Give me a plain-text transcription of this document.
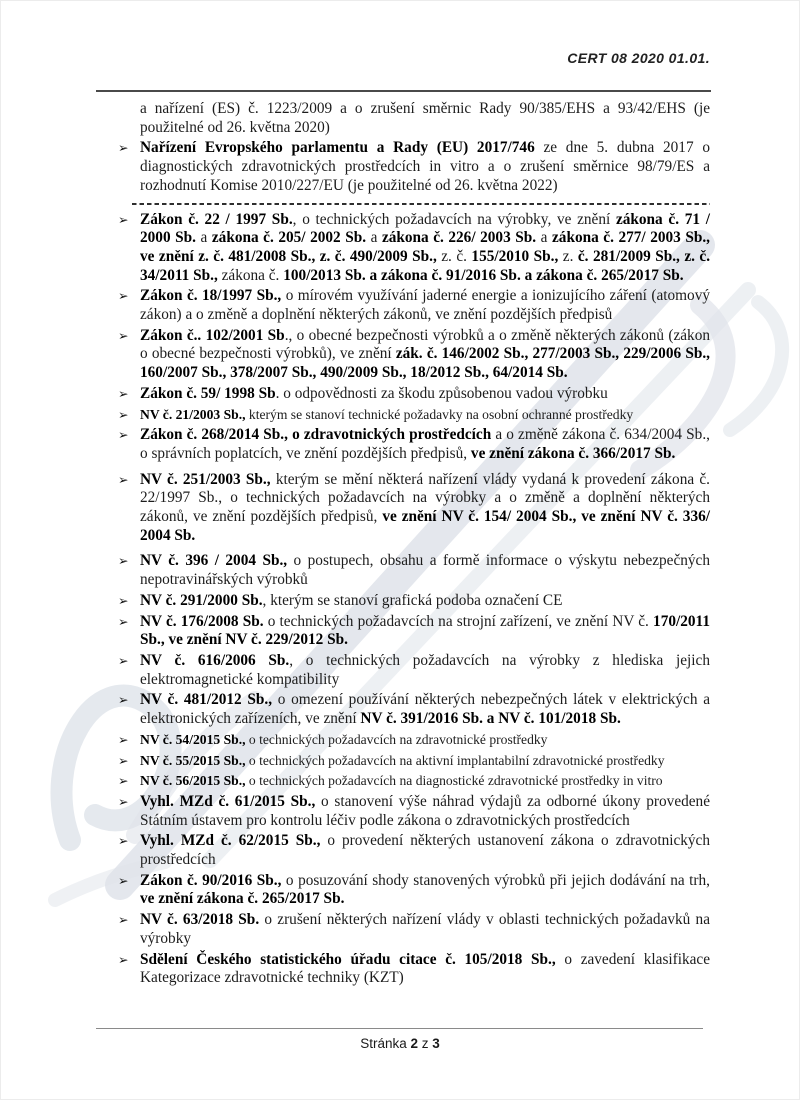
CERT 08 2020 01.01.
a nařízení (ES) č. 1223/2009 a o zrušení směrnic Rady 90/385/EHS a 93/42/EHS (je použitelné od 26. května 2020)
➢ Nařízení Evropského parlamentu a Rady (EU) 2017/746 ze dne 5. dubna 2017 o diagnostických zdravotnických prostředcích in vitro a o zrušení směrnice 98/79/ES a rozhodnutí Komise 2010/227/EU (je použitelné od 26. května 2022)
➢ Zákon č. 22 / 1997 Sb., o technických požadavcích na výrobky, ve znění zákona č. 71 / 2000 Sb. a zákona č. 205/ 2002 Sb. a zákona č. 226/ 2003 Sb. a zákona č. 277/ 2003 Sb., ve znění z. č. 481/2008 Sb., z. č. 490/2009 Sb., z. č. 155/2010 Sb., z. č. 281/2009 Sb., z. č. 34/2011 Sb., zákona č. 100/2013 Sb. a zákona č. 91/2016 Sb. a zákona č. 265/2017 Sb.
➢ Zákon č. 18/1997 Sb., o mírovém využívání jaderné energie a ionizujícího záření (atomový zákon) a o změně a doplnění některých zákonů, ve znění pozdějších předpisů
➢ Zákon č.. 102/2001 Sb., o obecné bezpečnosti výrobků a o změně některých zákonů (zákon o obecné bezpečnosti výrobků), ve znění zák. č. 146/2002 Sb., 277/2003 Sb., 229/2006 Sb., 160/2007 Sb., 378/2007 Sb., 490/2009 Sb., 18/2012 Sb., 64/2014 Sb.
➢ Zákon č. 59/ 1998 Sb. o odpovědnosti za škodu způsobenou vadou výrobku
➢ NV č. 21/2003 Sb., kterým se stanoví technické požadavky na osobní ochranné prostředky
➢ Zákon č. 268/2014 Sb., o zdravotnických prostředcích a o změně zákona č. 634/2004 Sb., o správních poplatcích, ve znění pozdějších předpisů, ve znění zákona č. 366/2017 Sb.
➢ NV č. 251/2003 Sb., kterým se mění některá nařízení vlády vydaná k provedení zákona č. 22/1997 Sb., o technických požadavcích na výrobky a o změně a doplnění některých zákonů, ve znění pozdějších předpisů, ve znění NV č. 154/ 2004 Sb., ve znění NV č. 336/ 2004 Sb.
➢ NV č. 396 / 2004 Sb., o postupech, obsahu a formě informace o výskytu nebezpečných nepotravinářských výrobků
➢ NV č. 291/2000 Sb., kterým se stanoví grafická podoba označení CE
➢ NV č. 176/2008 Sb. o technických požadavcích na strojní zařízení, ve znění NV č. 170/2011 Sb., ve znění NV č. 229/2012 Sb.
➢ NV č. 616/2006 Sb., o technických požadavcích na výrobky z hlediska jejich elektromagnetické kompatibility
➢ NV č. 481/2012 Sb., o omezení používání některých nebezpečných látek v elektrických a elektronických zařízeních, ve znění NV č. 391/2016 Sb. a NV č. 101/2018 Sb.
➢ NV č. 54/2015 Sb., o technických požadavcích na zdravotnické prostředky
➢ NV č. 55/2015 Sb., o technických požadavcích na aktivní implantabilní zdravotnické prostředky
➢ NV č. 56/2015 Sb., o technických požadavcích na diagnostické zdravotnické prostředky in vitro
➢ Vyhl. MZd č. 61/2015 Sb., o stanovení výše náhrad výdajů za odborné úkony provedené Státním ústavem pro kontrolu léčiv podle zákona o zdravotnických prostředcích
➢ Vyhl. MZd č. 62/2015 Sb., o provedení některých ustanovení zákona o zdravotnických prostředcích
➢ Zákon č. 90/2016 Sb., o posuzování shody stanovených výrobků při jejich dodávání na trh, ve znění zákona č. 265/2017 Sb.
➢ NV č. 63/2018 Sb. o zrušení některých nařízení vlády v oblasti technických požadavků na výrobky
➢ Sdělení Českého statistického úřadu citace č. 105/2018 Sb., o zavedení klasifikace Kategorizace zdravotnické techniky (KZT)
Stránka 2 z 3
